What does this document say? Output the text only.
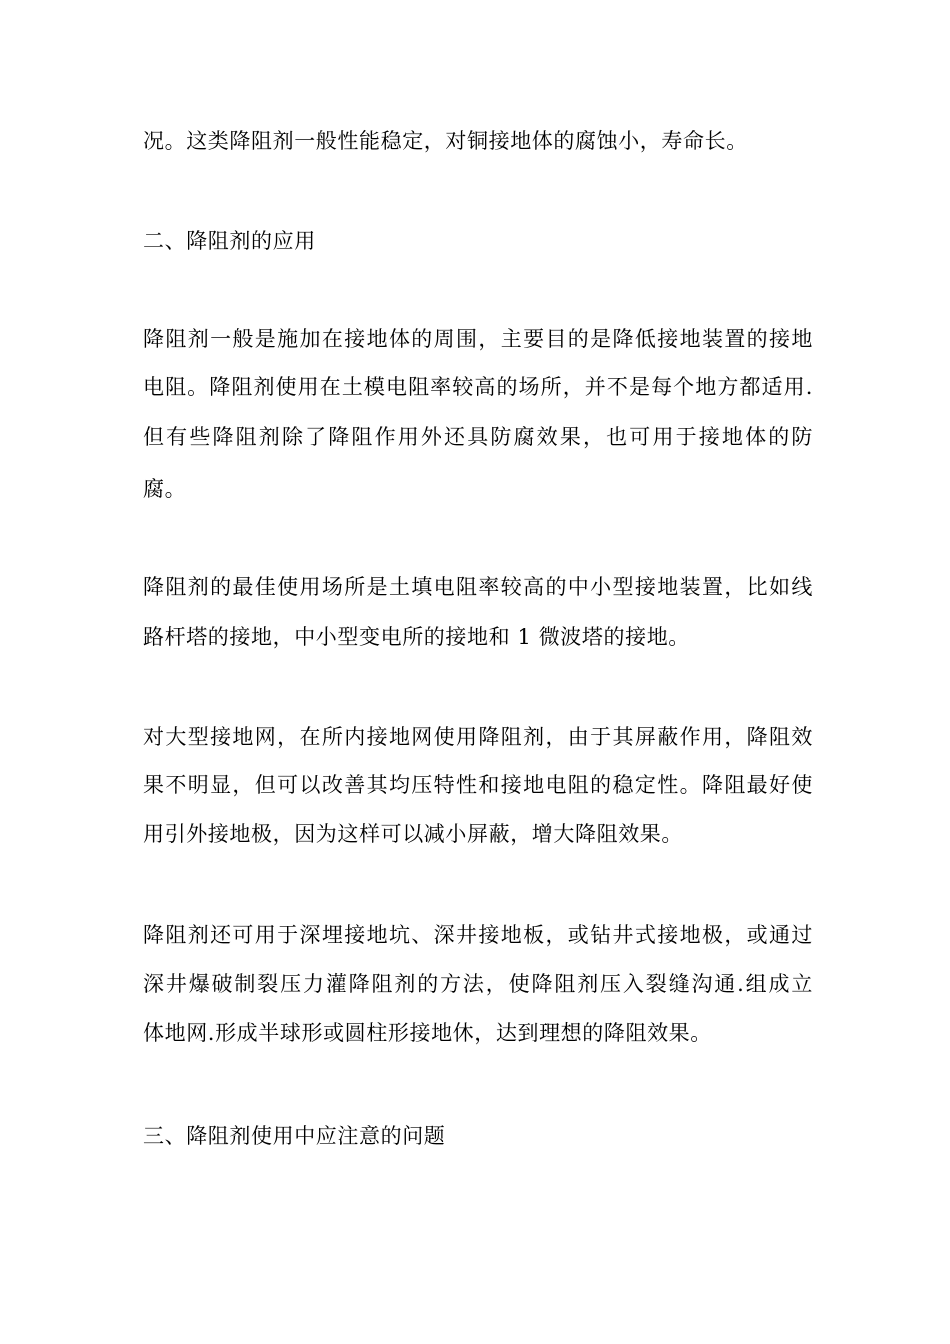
况。这类降阻剂一般性能稳定，对铜接地体的腐蚀小，寿命长。
二、降阻剂的应用
降阻剂一般是施加在接地体的周围，主要目的是降低接地装置的接地
电阻。降阻剂使用在土模电阻率较高的场所，并不是每个地方都适用.
但有些降阻剂除了降阻作用外还具防腐效果，也可用于接地体的防
腐。
降阻剂的最佳使用场所是土填电阻率较高的中小型接地装置，比如线
路杆塔的接地，中小型变电所的接地和 1 微波塔的接地。
对大型接地网，在所内接地网使用降阻剂，由于其屏蔽作用，降阻效
果不明显，但可以改善其均压特性和接地电阻的稳定性。降阻最好使
用引外接地极，因为这样可以减小屏蔽，增大降阻效果。
降阻剂还可用于深埋接地坑、深井接地板，或钻井式接地极，或通过
深井爆破制裂压力灌降阻剂的方法，使降阻剂压入裂缝沟通.组成立
体地网.形成半球形或圆柱形接地休，达到理想的降阻效果。
三、降阻剂使用中应注意的问题
